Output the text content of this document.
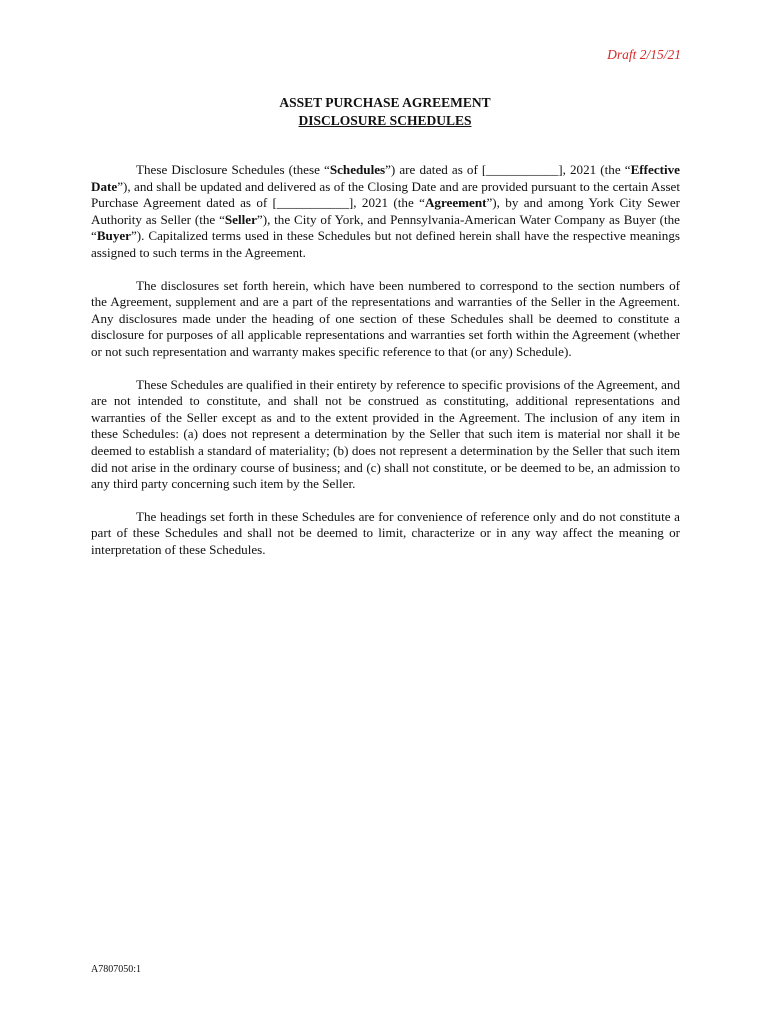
Draft 2/15/21
ASSET PURCHASE AGREEMENT
DISCLOSURE SCHEDULES

These Disclosure Schedules (these “Schedules”) are dated as of [___________], 2021 (the “Effective Date”), and shall be updated and delivered as of the Closing Date and are provided pursuant to the certain Asset Purchase Agreement dated as of [___________], 2021 (the “Agreement”), by and among York City Sewer Authority as Seller (the “Seller”), the City of York, and Pennsylvania-American Water Company as Buyer (the “Buyer”). Capitalized terms used in these Schedules but not defined herein shall have the respective meanings assigned to such terms in the Agreement.

The disclosures set forth herein, which have been numbered to correspond to the section numbers of the Agreement, supplement and are a part of the representations and warranties of the Seller in the Agreement. Any disclosures made under the heading of one section of these Schedules shall be deemed to constitute a disclosure for purposes of all applicable representations and warranties set forth within the Agreement (whether or not such representation and warranty makes specific reference to that (or any) Schedule).

These Schedules are qualified in their entirety by reference to specific provisions of the Agreement, and are not intended to constitute, and shall not be construed as constituting, additional representations and warranties of the Seller except as and to the extent provided in the Agreement. The inclusion of any item in these Schedules: (a) does not represent a determination by the Seller that such item is material nor shall it be deemed to establish a standard of materiality; (b) does not represent a determination by the Seller that such item did not arise in the ordinary course of business; and (c) shall not constitute, or be deemed to be, an admission to any third party concerning such item by the Seller.

The headings set forth in these Schedules are for convenience of reference only and do not constitute a part of these Schedules and shall not be deemed to limit, characterize or in any way affect the meaning or interpretation of these Schedules.

A7807050:1
